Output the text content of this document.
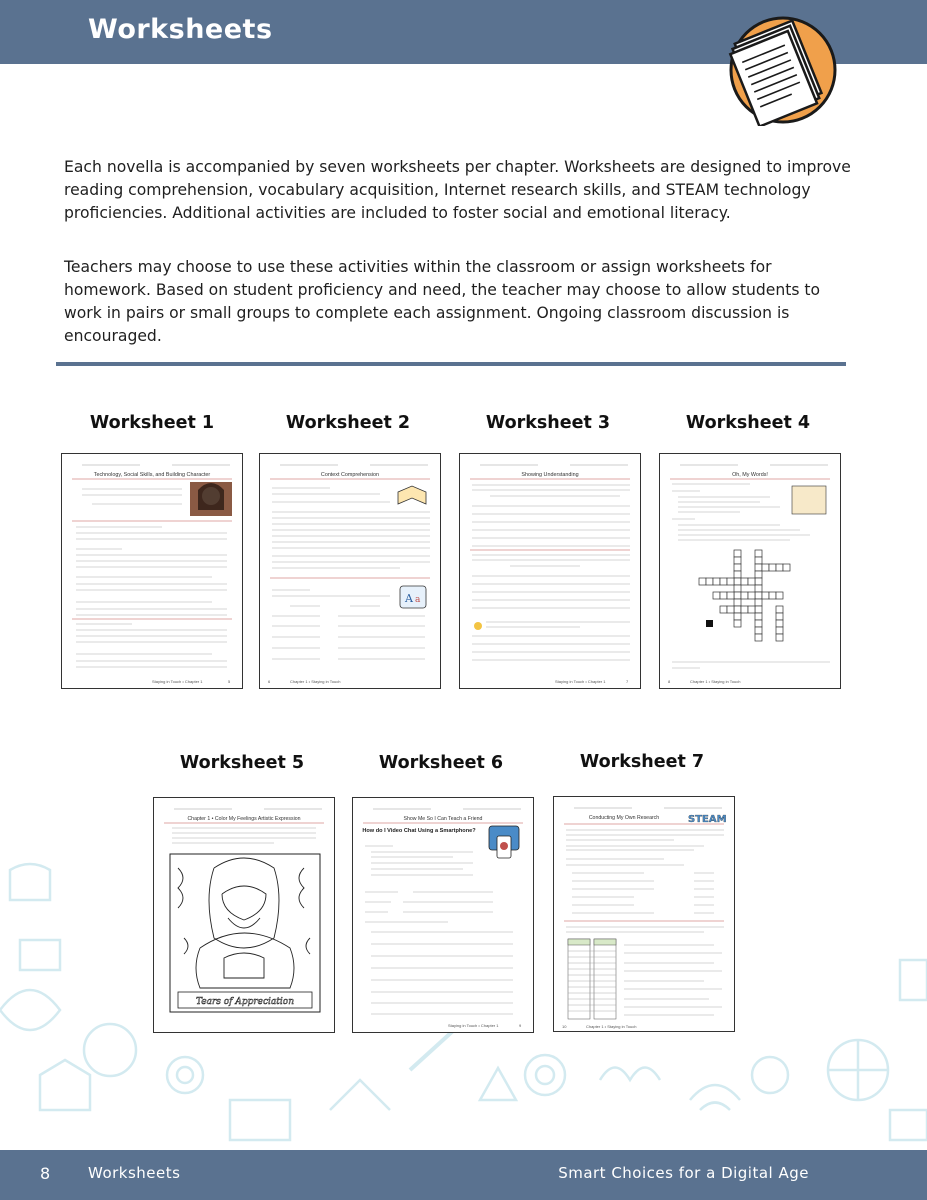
Worksheets

Each novella is accompanied by seven worksheets per chapter. Worksheets are designed to improve reading comprehension, vocabulary acquisition, Internet research skills, and STEAM technology proficiencies. Additional activities are included to foster social and emotional literacy.

Teachers may choose to use these activities within the classroom or assign worksheets for homework. Based on student proficiency and need, the teacher may choose to allow students to work in pairs or small groups to complete each assignment. Ongoing classroom discussion is encouraged.

Worksheet 1
Technology, Social Skills, and Building Character
Staying in Touch • Chapter 1	5
Worksheet 2
Context Comprehension
A a
6	Chapter 1 • Staying in Touch
Worksheet 3
Showing Understanding
Staying in Touch • Chapter 1	7
Worksheet 4
Oh, My Words!
8	Chapter 1 • Staying in Touch
Worksheet 5
Chapter 1 • Color My Feelings Artistic Expression
Tears of Appreciation
Worksheet 6
Show Me So I Can Teach a Friend
How do I Video Chat Using a Smartphone?
Staying in Touch • Chapter 1	9
Worksheet 7
Conducting My Own Research	STEAM
10	Chapter 1 • Staying in Touch
8	Worksheets	Smart Choices for a Digital Age
